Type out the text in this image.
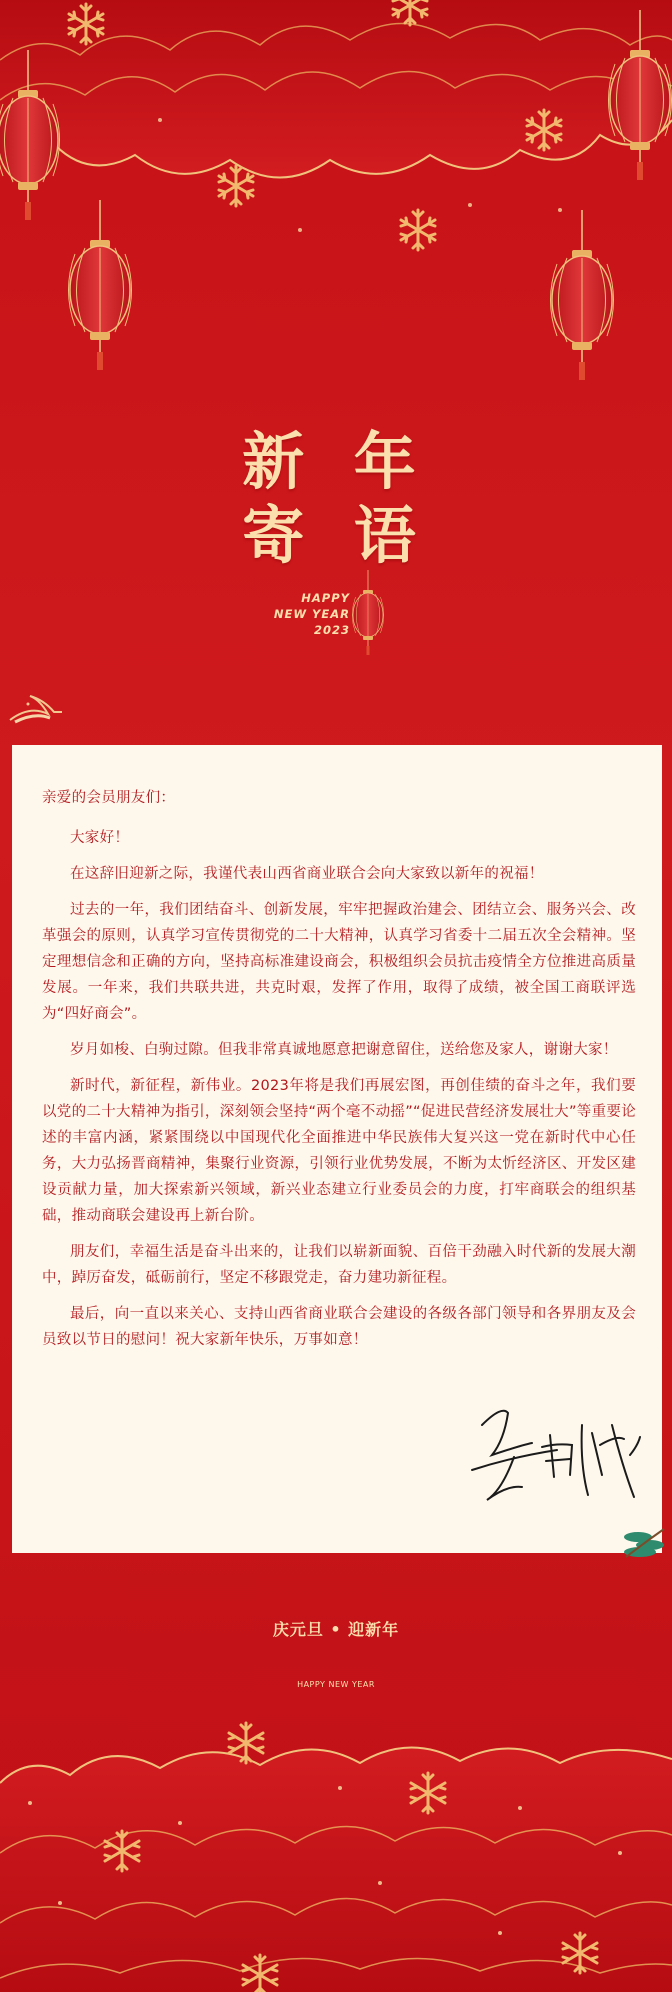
新 年
寄 语
HAPPY
NEW YEAR
2023

亲爱的会员朋友们：

大家好！

在这辞旧迎新之际，我谨代表山西省商业联合会向大家致以新年的祝福！

过去的一年，我们团结奋斗、创新发展，牢牢把握政治建会、团结立会、服务兴会、改革强会的原则，认真学习宣传贯彻党的二十大精神，认真学习省委十二届五次全会精神。坚定理想信念和正确的方向，坚持高标准建设商会，积极组织会员抗击疫情全方位推进高质量发展。一年来，我们共联共进，共克时艰，发挥了作用，取得了成绩，被全国工商联评选为“四好商会”。

岁月如梭、白驹过隙。但我非常真诚地愿意把谢意留住，送给您及家人，谢谢大家！

新时代，新征程，新伟业。2023年将是我们再展宏图，再创佳绩的奋斗之年，我们要以党的二十大精神为指引，深刻领会坚持“两个毫不动摇”“促进民营经济发展壮大”等重要论述的丰富内涵，紧紧围绕以中国现代化全面推进中华民族伟大复兴这一党在新时代中心任务，大力弘扬晋商精神，集聚行业资源，引领行业优势发展，不断为太忻经济区、开发区建设贡献力量，加大探索新兴领域，新兴业态建立行业委员会的力度，打牢商联会的组织基础，推动商联会建设再上新台阶。

朋友们，幸福生活是奋斗出来的，让我们以崭新面貌、百倍干劲融入时代新的发展大潮中，踔厉奋发，砥砺前行，坚定不移跟党走，奋力建功新征程。

最后，向一直以来关心、支持山西省商业联合会建设的各级各部门领导和各界朋友及会员致以节日的慰问！祝大家新年快乐，万事如意！

庆元旦 • 迎新年
HAPPY NEW YEAR
